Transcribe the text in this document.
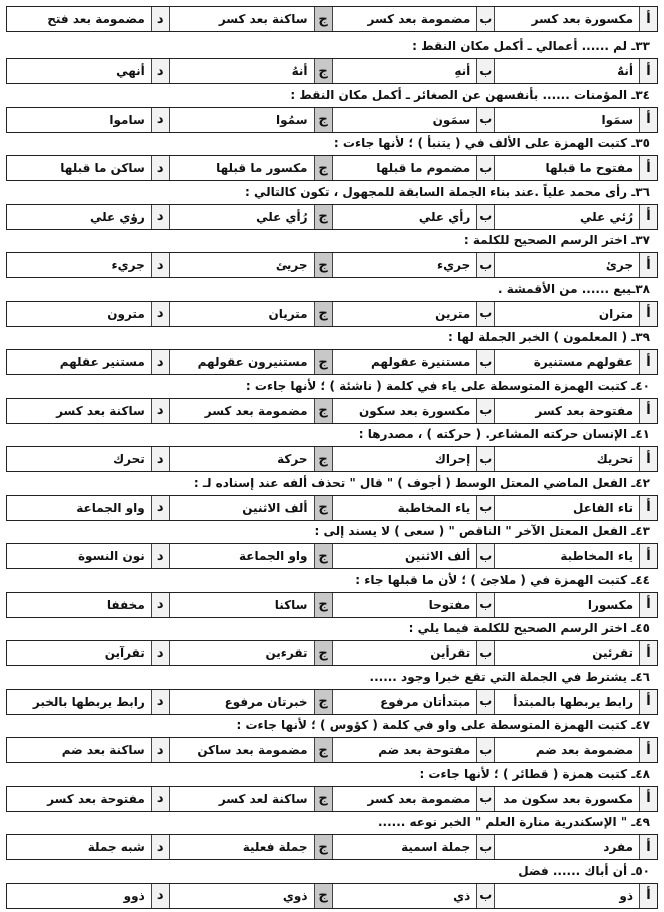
أ
مكسورة بعد كسر
ب
مضمومة بعد كسر
ج
ساكنة بعد كسر
د
مضمومة بعد فتح
٣٣ـ لم ...... أعمالي ـ أكمل مكان النقط :
أ
أنهٌ
ب
أنهِ
ج
أنهُ
د
أنهي
٣٤ـ المؤمنات ...... بأنفسهن عن الصغائر ـ أكمل مكان النقط :
أ
سمَوا
ب
سمَون
ج
سمُوا
د
ساموا
٣٥ـ كتبت الهمزة على الألف في ( يتنبأ ) ؛ لأنها جاءت :
أ
مفتوح ما قبلها
ب
مضموم ما قبلها
ج
مكسور ما قبلها
د
ساكن ما قبلها
٣٦ـ رأى محمد علياً .عند بناء الجملة السابقة للمجهول ، تكون كالتالي :
أ
رُئي علي
ب
رأي علي
ج
رُأي علي
د
رؤي علي
٣٧ـ اختر الرسم الصحيح للكلمة :
أ
جرئ
ب
جريء
ج
جريئ
د
جريء
٣٨ـيبع ...... من الأقمشة .
أ
متران
ب
مترين
ج
متريان
د
مترون
٣٩ـ ( المعلمون ) الخبر الجملة لها :
أ
عقولهم مستنيرة
ب
مستنيرة عقولهم
ج
مستنيرون عقولهم
د
مستنير عقلهم
٤٠ـ كتبت الهمزة المتوسطة على ياء في كلمة ( ناشئة ) ؛ لأنها جاءت :
أ
مفتوحة بعد كسر
ب
مكسورة بعد سكون
ج
مضمومة بعد كسر
د
ساكنة بعد كسر
٤١ـ الإنسان حركته المشاعر. ( حركته ) ، مصدرها :
أ
تحريك
ب
إحراك
ج
حركة
د
تحرك
٤٢ـ الفعل الماضي المعتل الوسط ( أجوف ) " قال " تحذف ألفه عند إسناده لـ :
أ
تاء الفاعل
ب
ياء المخاطبة
ج
ألف الاثنين
د
واو الجماعة
٤٣ـ الفعل المعتل الآخر " الناقص " ( سعى ) لا يسند إلى :
أ
ياء المخاطبة
ب
ألف الاثنين
ج
واو الجماعة
د
نون النسوة
٤٤ـ كتبت الهمزة في ( ملاجئ ) ؛ لأن ما قبلها جاء :
أ
مكسورا
ب
مفتوحا
ج
ساكنا
د
مخففا
٤٥ـ اختر الرسم الصحيح للكلمة فيما يلي :
أ
تقرئين
ب
تقرأين
ج
تقرءين
د
تقرآين
٤٦ـ يشترط في الجملة التي تقع خبرا وجود ......
أ
رابط يربطها بالمبتدأ
ب
مبتدأتان مرفوع
ج
خبرتان مرفوع
د
رابط يربطها بالخبر
٤٧ـ كتبت الهمزة المتوسطة على واو في كلمة ( كؤوس ) ؛ لأنها جاءت :
أ
مضمومة بعد ضم
ب
مفتوحة بعد ضم
ج
مضمومة بعد ساكن
د
ساكنة بعد ضم
٤٨ـ كتبت همزة ( قطائر ) ؛ لأنها جاءت :
أ
مكسورة بعد سكون مد
ب
مضمومة بعد كسر
ج
ساكنة لعد كسر
د
مفتوحة بعد كسر
٤٩ـ " الإسكندرية منارة العلم " الخبر نوعه ......
أ
مفرد
ب
جملة اسمية
ج
جملة فعلية
د
شبه جملة
٥٠ـ أن أباك ...... فضل
أ
ذو
ب
ذي
ج
ذوي
د
ذوو
